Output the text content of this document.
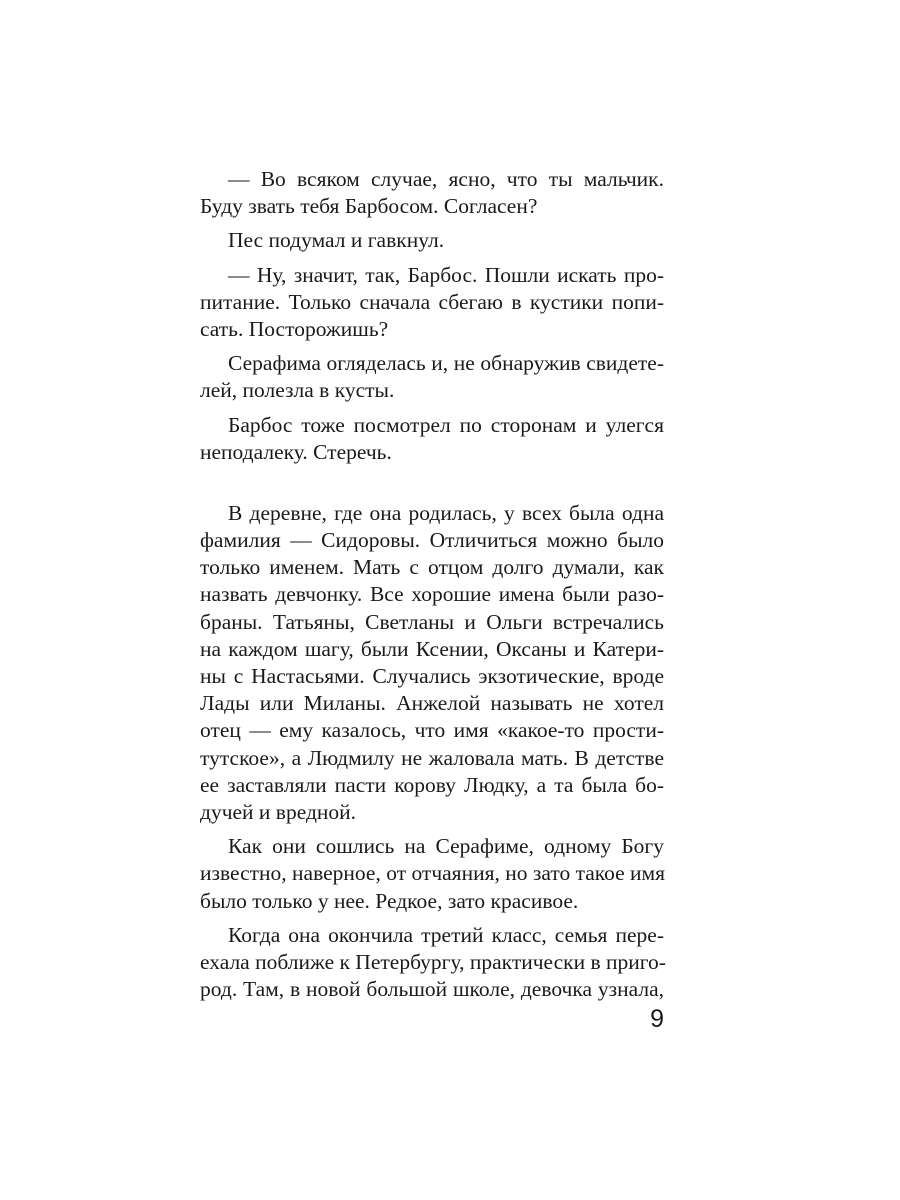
— Во всяком случае, ясно, что ты мальчик.
Буду звать тебя Барбосом. Согласен?
Пес подумал и гавкнул.
— Ну, значит, так, Барбос. Пошли искать про-
питание. Только сначала сбегаю в кустики попи-
сать. Посторожишь?
Серафима огляделась и, не обнаружив свидете-
лей, полезла в кусты.
Барбос тоже посмотрел по сторонам и улегся
неподалеку. Стеречь.
В деревне, где она родилась, у всех была одна
фамилия — Сидоровы. Отличиться можно было
только именем. Мать с отцом долго думали, как
назвать девчонку. Все хорошие имена были разо-
браны. Татьяны, Светланы и Ольги встречались
на каждом шагу, были Ксении, Оксаны и Катери-
ны с Настасьями. Случались экзотические, вроде
Лады или Миланы. Анжелой называть не хотел
отец — ему казалось, что имя «какое-то прости-
тутское», а Людмилу не жаловала мать. В детстве
ее заставляли пасти корову Людку, а та была бо-
дучей и вредной.
Как они сошлись на Серафиме, одному Богу
известно, наверное, от отчаяния, но зато такое имя
было только у нее. Редкое, зато красивое.
Когда она окончила третий класс, семья пере-
ехала поближе к Петербургу, практически в приго-
род. Там, в новой большой школе, девочка узнала,
9
